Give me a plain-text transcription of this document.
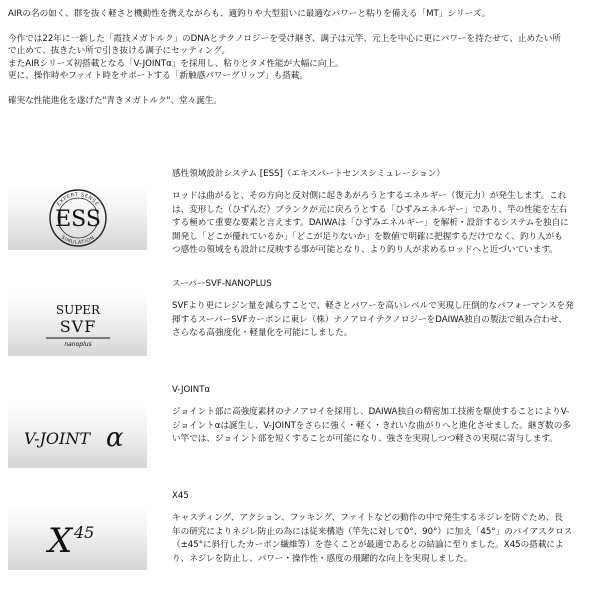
AIRの名の如く、群を抜く軽さと機動性を携えながらも、適釣りや大型狙いに最適なパワーと粘りを備える「MT」シリーズ。

今作では22年に一新した「霞技メガトルク」のDNAとテクノロジーを受け継ぎ、調子は元竿、元上を中心に更にパワーを持たせて、止めたい所

で止めて、抜きたい所で引き抜ける調子にセッティング。

またAIRシリーズ初搭載となる「V-JOINTα」を採用し、粘りとタメ性能が大幅に向上。

更に、操作時やファイト時をサポートする「新触感パワーグリップ」も搭載。

確実な性能進化を遂げた"青きメガトルク"、堂々誕生。

感性領域設計システム [ESS]（エキスパートセンスシミュレーション）
EXPERT SENSE
SIMULATION
ESS

ロッドは曲がると、その方向と反対側に起きあがろうとするエネルギー（復元力）が発生します。これ

は、変形した（ひずんだ）ブランクが元に戻ろうとする「ひずみエネルギー」であり、竿の性能を左右

する極めて重要な要素と言えます。DAIWAは「ひずみエネルギー」を解析・設計するシステムを独自に

開発し「どこが優れているか」「どこが足りないか」を数値で明確に把握するだけでなく、釣り人がも

つ感性の領域をも設計に反映する事が可能となり、より釣り人が求めるロッドへと近づいています。

スーパーSVF-NANOPLUS
SUPER
SVF
nanoplus

SVFより更にレジン量を減らすことで、軽さとパワーを高いレベルで実現し圧倒的なパフォーマンスを発

揮するスーパーSVFカーボンに東レ（株）ナノアロイテクノロジーをDAIWA独自の製法で組み合わせ、

さらなる高強度化・軽量化を可能にしました。

V-JOINTα
V-JOINT α

ジョイント部に高強度素材のナノアロイを採用し、DAIWA独自の精密加工技術を駆使することによりV-

ジョイントαは誕生し、V-JOINTをさらに強く・軽く・きれいな曲がりへと進化させました。継ぎ数の多

い竿では、ジョイント部を短くすることが可能になり、強さを実現しつつ軽さの実現に寄与します。

X45
X 45

キャスティング、アクション、フッキング、ファイトなどの動作の中で発生するネジレを防ぐため、長

年の研究によりネジレ防止の為には従来構造（竿先に対して0°、90°）に加え「45°」のバイアスクロス

（±45°に斜行したカーボン繊維等）を巻くことが最適であるとの結論に至りました。X45の搭載によ

り、ネジレを防止し、パワー・操作性・感度の飛躍的な向上を実現しました。
